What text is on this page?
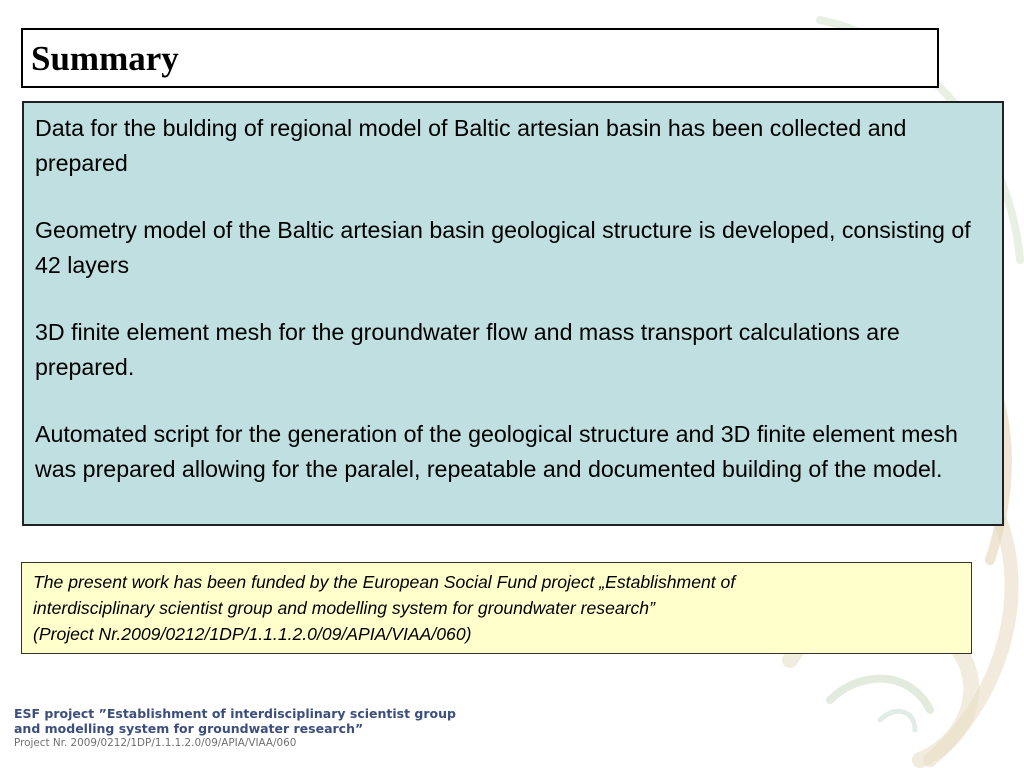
Summary

Data for the bulding of regional model of Baltic artesian basin has been collected and prepared

Geometry model of the Baltic artesian basin geological structure is developed, consisting of 42 layers

3D finite element mesh for the groundwater flow and mass transport calculations are prepared.

Automated script for the generation of the geological structure and 3D finite element mesh was prepared allowing for the paralel, repeatable and documented building of the model.

The present work has been funded by the European Social Fund project „Establishment of
interdisciplinary scientist group and modelling system for groundwater research”
(Project Nr.2009/0212/1DP/1.1.1.2.0/09/APIA/VIAA/060)
ESF project ”Establishment of interdisciplinary scientist group
and modelling system for groundwater research”
Project Nr. 2009/0212/1DP/1.1.1.2.0/09/APIA/VIAA/060
